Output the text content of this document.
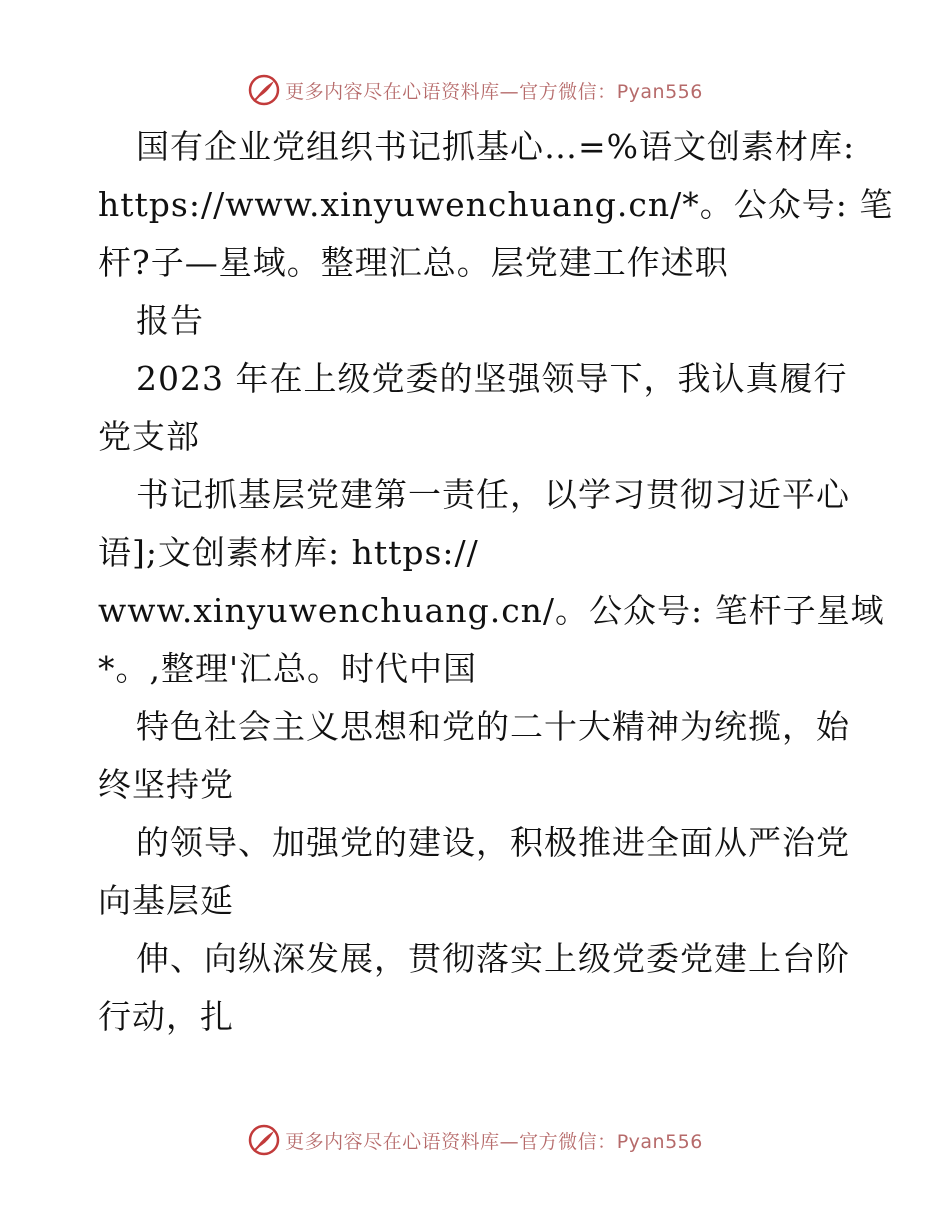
更多内容尽在心语资料库—官方微信：Pyan556
国有企业党组织书记抓基心…=%语文创素材库:
https://www.xinyuwenchuang.cn/*。公众号: 笔
杆?子—星域。整理汇总。层党建工作述职
报告
2023 年在上级党委的坚强领导下，我认真履行
党支部
书记抓基层党建第一责任，以学习贯彻习近平心
语];文创素材库: https://
www.xinyuwenchuang.cn/。公众号: 笔杆子星域
*。,整理'汇总。时代中国
特色社会主义思想和党的二十大精神为统揽，始
终坚持党
的领导、加强党的建设，积极推进全面从严治党
向基层延
伸、向纵深发展，贯彻落实上级党委党建上台阶
行动，扎
更多内容尽在心语资料库—官方微信：Pyan556
